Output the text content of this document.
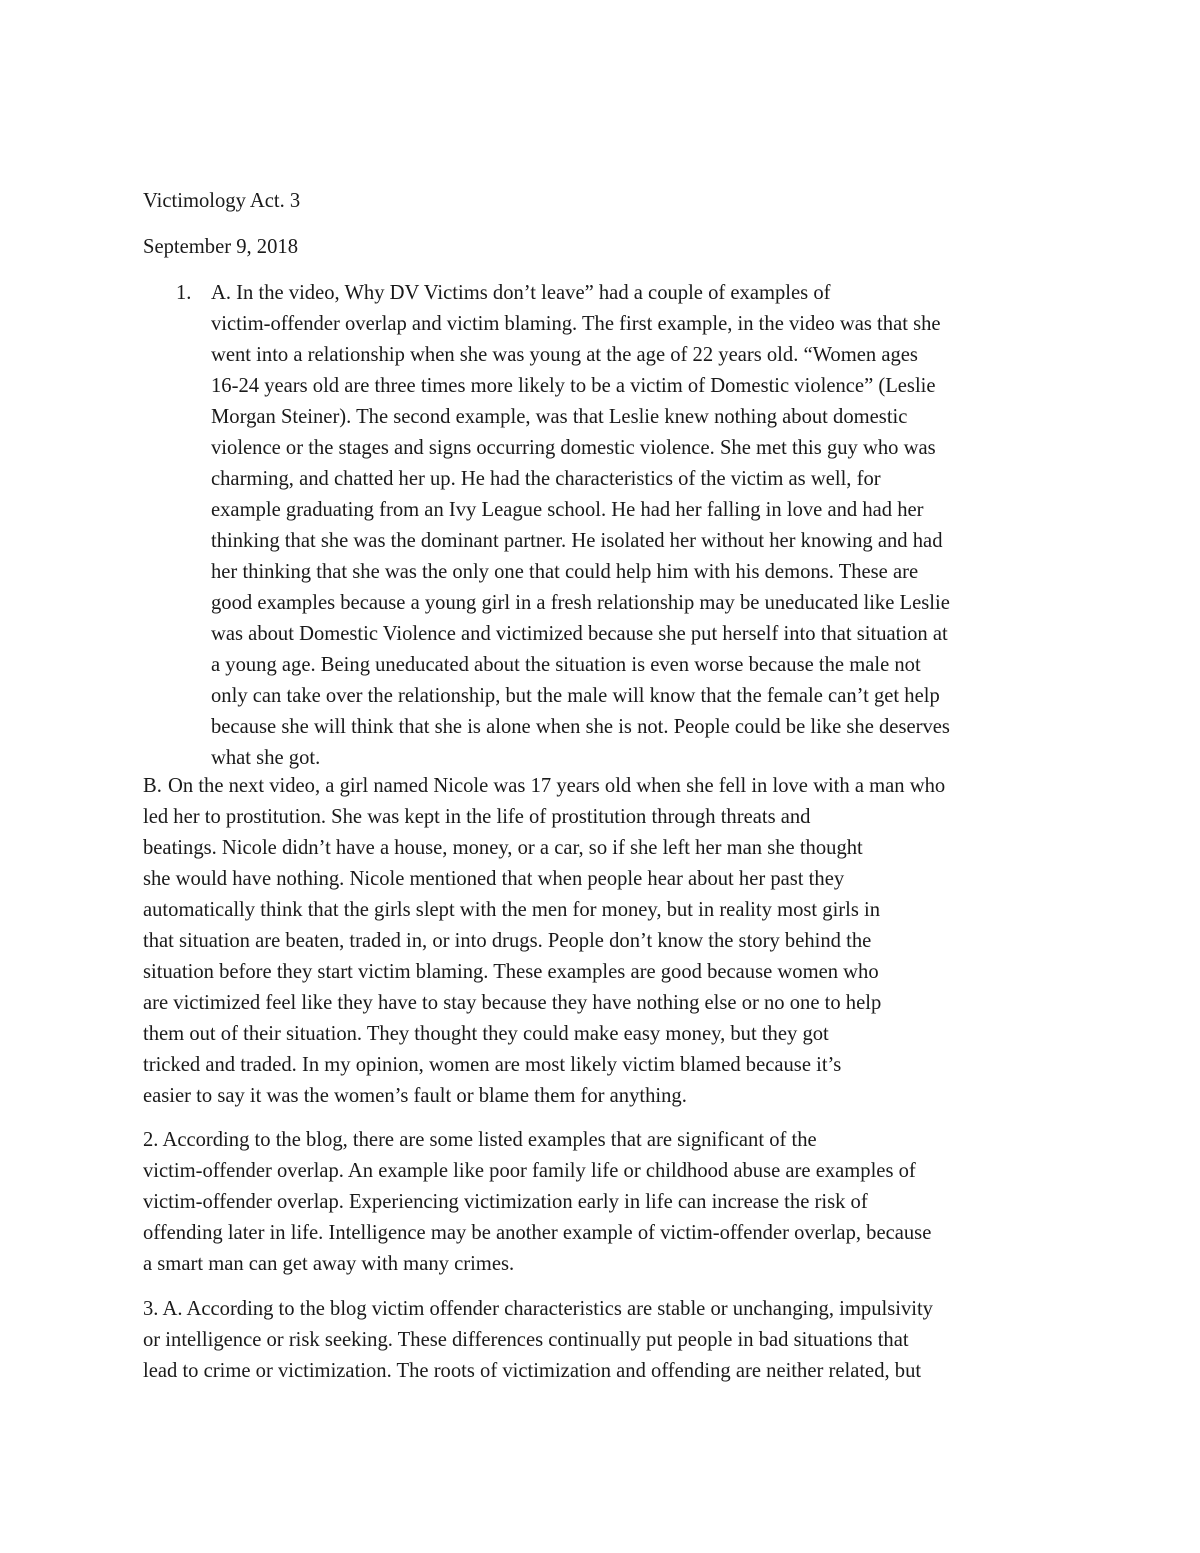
Victimology Act. 3

September 9, 2018

1. A. In the video, Why DV Victims don’t leave” had a couple of examples of
victim-offender overlap and victim blaming. The first example, in the video was that she
went into a relationship when she was young at the age of 22 years old. “Women ages
16-24 years old are three times more likely to be a victim of Domestic violence” (Leslie
Morgan Steiner). The second example, was that Leslie knew nothing about domestic
violence or the stages and signs occurring domestic violence. She met this guy who was
charming, and chatted her up. He had the characteristics of the victim as well, for
example graduating from an Ivy League school. He had her falling in love and had her
thinking that she was the dominant partner. He isolated her without her knowing and had
her thinking that she was the only one that could help him with his demons. These are
good examples because a young girl in a fresh relationship may be uneducated like Leslie
was about Domestic Violence and victimized because she put herself into that situation at
a young age. Being uneducated about the situation is even worse because the male not
only can take over the relationship, but the male will know that the female can’t get help
because she will think that she is alone when she is not. People could be like she deserves
what she got.
B. On the next video, a girl named Nicole was 17 years old when she fell in love with a man who
led her to prostitution. She was kept in the life of prostitution through threats and
beatings. Nicole didn’t have a house, money, or a car, so if she left her man she thought
she would have nothing. Nicole mentioned that when people hear about her past they
automatically think that the girls slept with the men for money, but in reality most girls in
that situation are beaten, traded in, or into drugs. People don’t know the story behind the
situation before they start victim blaming. These examples are good because women who
are victimized feel like they have to stay because they have nothing else or no one to help
them out of their situation. They thought they could make easy money, but they got
tricked and traded. In my opinion, women are most likely victim blamed because it’s
easier to say it was the women’s fault or blame them for anything.
2. According to the blog, there are some listed examples that are significant of the
victim-offender overlap. An example like poor family life or childhood abuse are examples of
victim-offender overlap. Experiencing victimization early in life can increase the risk of
offending later in life. Intelligence may be another example of victim-offender overlap, because
a smart man can get away with many crimes.
3. A. According to the blog victim offender characteristics are stable or unchanging, impulsivity
or intelligence or risk seeking. These differences continually put people in bad situations that
lead to crime or victimization. The roots of victimization and offending are neither related, but
